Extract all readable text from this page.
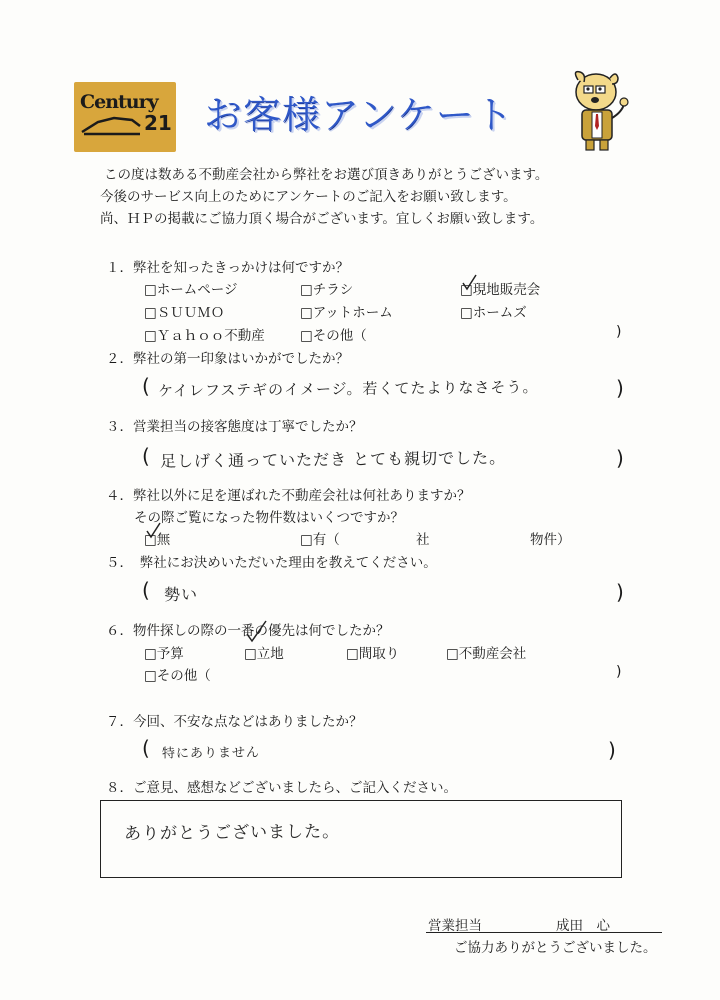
Century
21 お客様アンケート
この度は数ある不動産会社から弊社をお選び頂きありがとうございます。
今後のサービス向上のためにアンケートのご記入をお願い致します。
尚、ＨＰの掲載にご協力頂く場合がございます。宜しくお願い致します。
１．弊社を知ったきっかけは何ですか？
□ホームページ	□チラシ	□現地販売会
□ＳＵＵＭＯ	□アットホーム	□ホームズ
□Ｙａｈｏｏ不動産	□その他（	)
２．弊社の第一印象はいかがでしたか？
( ケイレフステギのイメージ。若くてたよりなさそう。	)
３．営業担当の接客態度は丁寧でしたか？
( 足しげく通っていただき とても親切でした。	)
４．弊社以外に足を運ばれた不動産会社は何社ありますか？
その際ご覧になった物件数はいくつですか？
□無	□有（	社	物件）
５．　弊社にお決めいただいた理由を教えてください。
( 勢い	)
６．物件探しの際の一番の優先は何でしたか？
□予算	□立地	□間取り	□不動産会社
□その他（	)
７．今回、不安な点などはありましたか？
( 特にありません	)
８．ご意見、感想などございましたら、ご記入ください。
ありがとうございました。
営業担当	成田　心
ご協力ありがとうございました。
